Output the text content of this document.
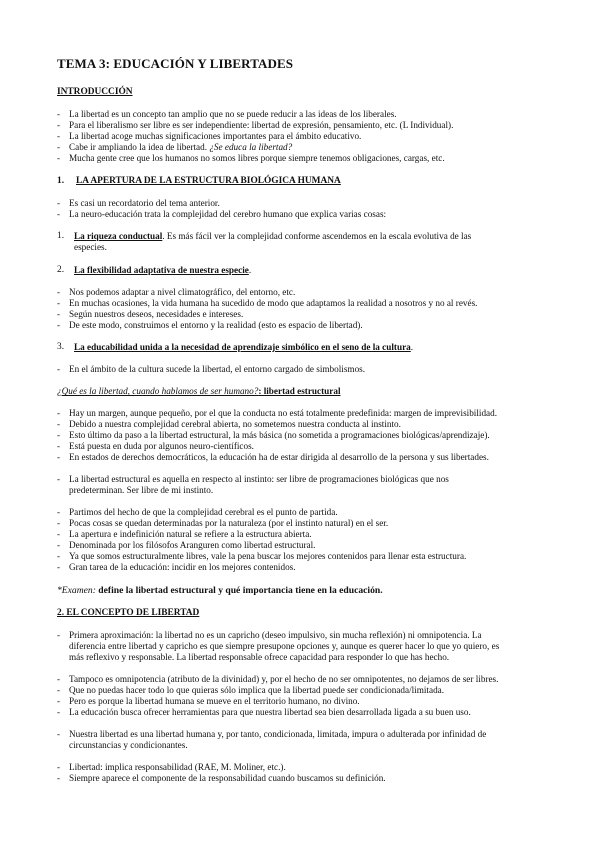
TEMA 3: EDUCACIÓN Y LIBERTADES
INTRODUCCIÓN
- La libertad es un concepto tan amplio que no se puede reducir a las ideas de los liberales.
- Para el liberalismo ser libre es ser independiente: libertad de expresión, pensamiento, etc. (L Individual).
- La libertad acoge muchas significaciones importantes para el ámbito educativo.
- Cabe ir ampliando la idea de libertad. ¿Se educa la libertad?
- Mucha gente cree que los humanos no somos libres porque siempre tenemos obligaciones, cargas, etc.
1. LA APERTURA DE LA ESTRUCTURA BIOLÓGICA HUMANA
- Es casi un recordatorio del tema anterior.
- La neuro-educación trata la complejidad del cerebro humano que explica varias cosas:
1. La riqueza conductual. Es más fácil ver la complejidad conforme ascendemos en la escala evolutiva de las
especies.
2. La flexibilidad adaptativa de nuestra especie.
- Nos podemos adaptar a nivel climatográfico, del entorno, etc.
- En muchas ocasiones, la vida humana ha sucedido de modo que adaptamos la realidad a nosotros y no al revés.
- Según nuestros deseos, necesidades e intereses.
- De este modo, construimos el entorno y la realidad (esto es espacio de libertad).
3. La educabilidad unida a la necesidad de aprendizaje simbólico en el seno de la cultura.
- En el ámbito de la cultura sucede la libertad, el entorno cargado de simbolismos.
¿Qué es la libertad, cuando hablamos de ser humano?: libertad estructural
- Hay un margen, aunque pequeño, por el que la conducta no está totalmente predefinida: margen de imprevisibilidad.
- Debido a nuestra complejidad cerebral abierta, no sometemos nuestra conducta al instinto.
- Esto último da paso a la libertad estructural, la más básica (no sometida a programaciones biológicas/aprendizaje).
- Está puesta en duda por algunos neuro-científicos.
- En estados de derechos democráticos, la educación ha de estar dirigida al desarrollo de la persona y sus libertades.
- La libertad estructural es aquella en respecto al instinto: ser libre de programaciones biológicas que nos
predeterminan. Ser libre de mi instinto.
- Partimos del hecho de que la complejidad cerebral es el punto de partida.
- Pocas cosas se quedan determinadas por la naturaleza (por el instinto natural) en el ser.
- La apertura e indefinición natural se refiere a la estructura abierta.
- Denominada por los filósofos Aranguren como libertad estructural.
- Ya que somos estructuralmente libres, vale la pena buscar los mejores contenidos para llenar esta estructura.
- Gran tarea de la educación: incidir en los mejores contenidos.
*Examen: define la libertad estructural y qué importancia tiene en la educación.
2. EL CONCEPTO DE LIBERTAD
- Primera aproximación: la libertad no es un capricho (deseo impulsivo, sin mucha reflexión) ni omnipotencia. La
diferencia entre libertad y capricho es que siempre presupone opciones y, aunque es querer hacer lo que yo quiero, es
más reflexivo y responsable. La libertad responsable ofrece capacidad para responder lo que has hecho.
- Tampoco es omnipotencia (atributo de la divinidad) y, por el hecho de no ser omnipotentes, no dejamos de ser libres.
- Que no puedas hacer todo lo que quieras sólo implica que la libertad puede ser condicionada/limitada.
- Pero es porque la libertad humana se mueve en el territorio humano, no divino.
- La educación busca ofrecer herramientas para que nuestra libertad sea bien desarrollada ligada a su buen uso.
- Nuestra libertad es una libertad humana y, por tanto, condicionada, limitada, impura o adulterada por infinidad de
circunstancias y condicionantes.
- Libertad: implica responsabilidad (RAE, M. Moliner, etc.).
- Siempre aparece el componente de la responsabilidad cuando buscamos su definición.
